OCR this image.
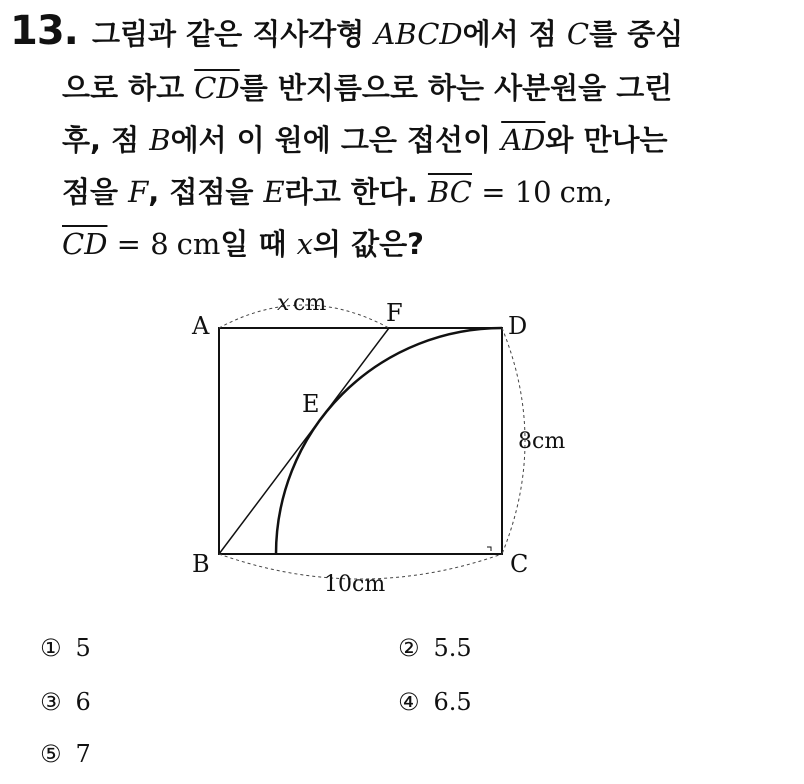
13. 그림과 같은 직사각형 ABCD에서 점 C를 중심
으로 하고 $\overline{CD}$를 반지름으로 하는 사분원을 그린
후, 점 B에서 이 원에 그은 접선이 $\overline{AD}$와 만나는
점을 F, 접점을 E라고 한다. $\overline{BC} = 10$ cm,
$\overline{CD} = 8$ cm일 때 x의 값은?
A	F	D
E
B	C
x cm
8cm
10cm
① 5	② 5.5
③ 6	④ 6.5
⑤ 7
